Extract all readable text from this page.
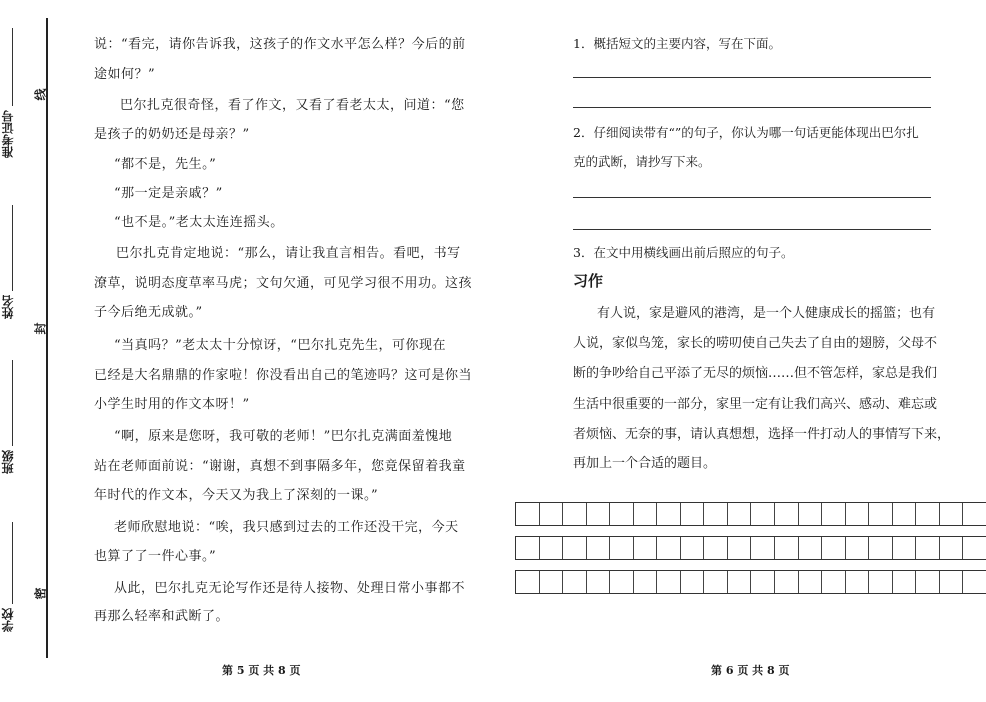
准考证号
姓名
班级
学校
线
封
密
说：“看完，请你告诉我，这孩子的作文水平怎么样？今后的前
途如何？”
巴尔扎克很奇怪，看了作文，又看了看老太太，问道：“您
是孩子的奶奶还是母亲？”
“都不是，先生。”
“那一定是亲戚？”
“也不是。”老太太连连摇头。
巴尔扎克肯定地说：“那么，请让我直言相告。看吧，书写
潦草，说明态度草率马虎；文句欠通，可见学习很不用功。这孩
子今后绝无成就。”
“当真吗？”老太太十分惊讶，“巴尔扎克先生，可你现在
已经是大名鼎鼎的作家啦！你没看出自己的笔迹吗？这可是你当
小学生时用的作文本呀！”
“啊，原来是您呀，我可敬的老师！”巴尔扎克满面羞愧地
站在老师面前说：“谢谢，真想不到事隔多年，您竟保留着我童
年时代的作文本，今天又为我上了深刻的一课。”
老师欣慰地说：“唉，我只感到过去的工作还没干完，今天
也算了了一件心事。”
从此，巴尔扎克无论写作还是待人接物、处理日常小事都不
再那么轻率和武断了。
第 5 页 共 8 页
1．概括短文的主要内容，写在下面。
2．仔细阅读带有“”的句子，你认为哪一句话更能体现出巴尔扎
克的武断，请抄写下来。
3．在文中用横线画出前后照应的句子。
习作
有人说，家是避风的港湾，是一个人健康成长的摇篮；也有
人说，家似鸟笼，家长的唠叨使自己失去了自由的翅膀，父母不
断的争吵给自己平添了无尽的烦恼……但不管怎样，家总是我们
生活中很重要的一部分，家里一定有让我们高兴、感动、难忘或
者烦恼、无奈的事，请认真想想，选择一件打动人的事情写下来，
再加上一个合适的题目。
第 6 页 共 8 页
